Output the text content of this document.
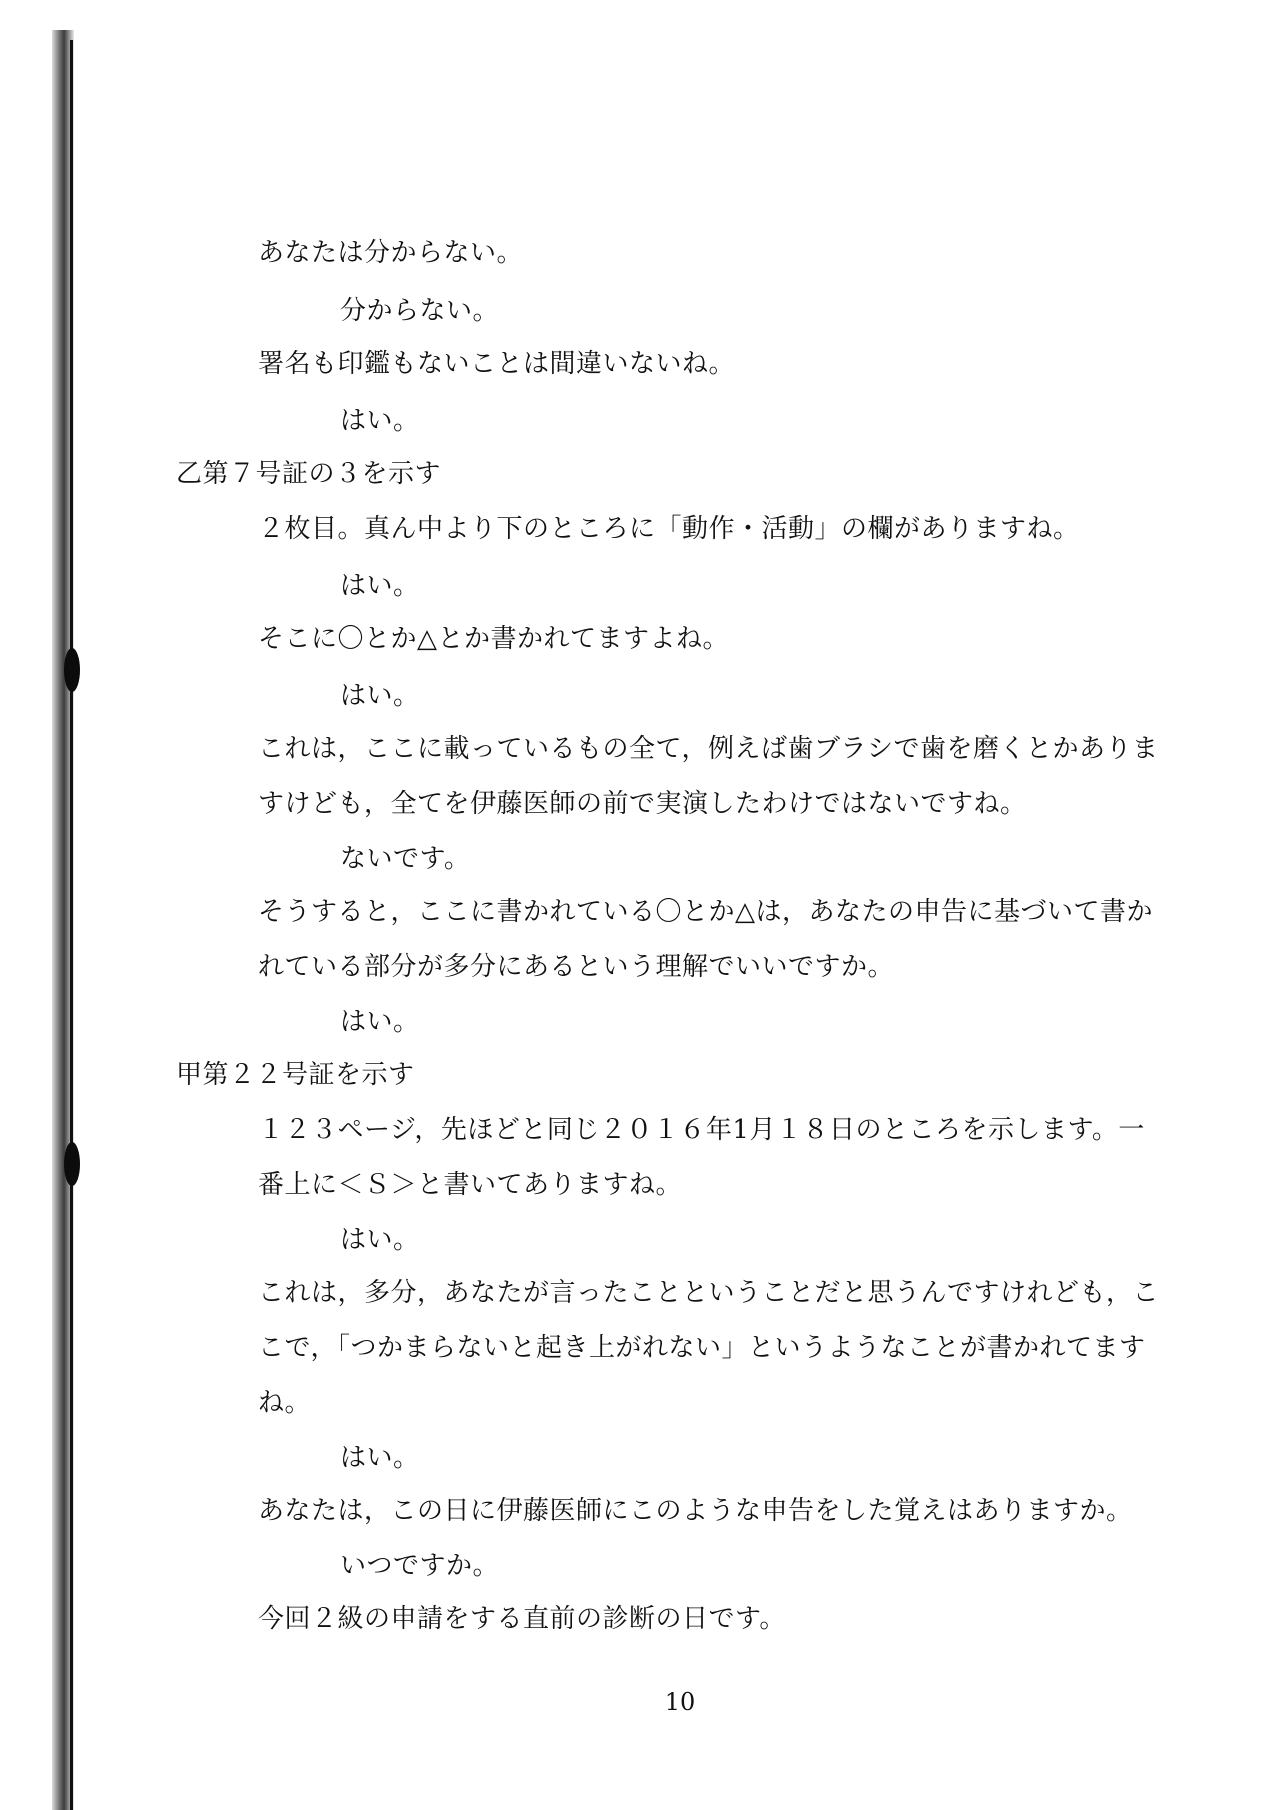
あなたは分からない。
分からない。
署名も印鑑もないことは間違いないね。
はい。
乙第７号証の３を示す
２枚目。真ん中より下のところに「動作・活動」の欄がありますね。
はい。
そこに〇とか△とか書かれてますよね。
はい。
これは，ここに載っているもの全て，例えば歯ブラシで歯を磨くとかありま
すけども，全てを伊藤医師の前で実演したわけではないですね。
ないです。
そうすると，ここに書かれている〇とか△は，あなたの申告に基づいて書か
れている部分が多分にあるという理解でいいですか。
はい。
甲第２２号証を示す
１２３ページ，先ほどと同じ２０１６年1月１８日のところを示します。一
番上に＜Ｓ＞と書いてありますね。
はい。
これは，多分，あなたが言ったことということだと思うんですけれども，こ
こで，「つかまらないと起き上がれない」というようなことが書かれてます
ね。
はい。
あなたは，この日に伊藤医師にこのような申告をした覚えはありますか。
いつですか。
今回２級の申請をする直前の診断の日です。
10
